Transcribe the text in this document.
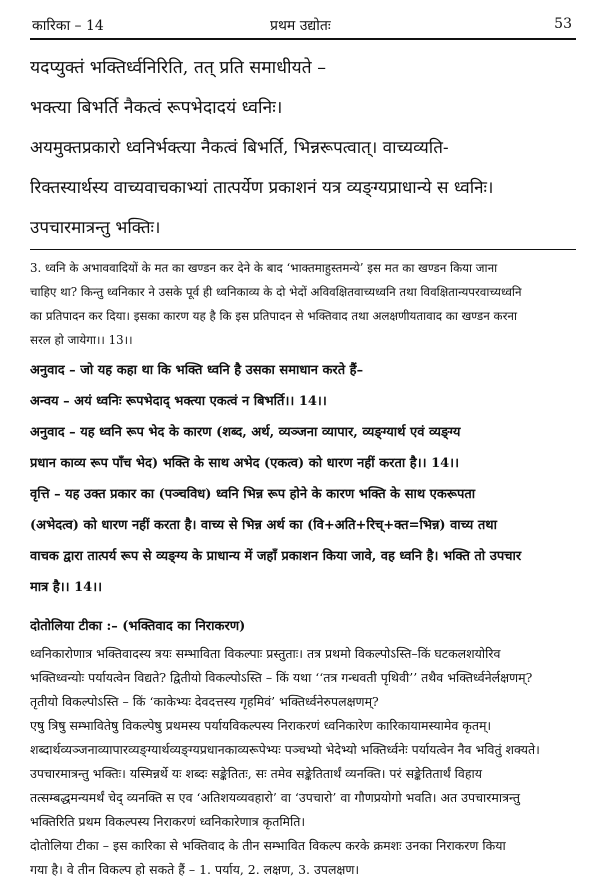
कारिका – 14	प्रथम उद्योतः	53
यदप्युक्तं भक्तिर्ध्वनिरिति, तत् प्रति समाधीयते –
भक्त्या बिभर्ति नैकत्वं रूपभेदादयं ध्वनिः।
अयमुक्तप्रकारो ध्वनिर्भक्त्या नैकत्वं बिभर्ति, भिन्नरूपत्वात्। वाच्यव्यति-
रिक्तस्यार्थस्य वाच्यवाचकाभ्यां तात्पर्येण प्रकाशनं यत्र व्यङ्ग्यप्राधान्ये स ध्वनिः।
उपचारमात्रन्तु भक्तिः।
3. ध्वनि के अभाववादियों के मत का खण्डन कर देने के बाद ‘भाक्तमाहुस्तमन्ये’ इस मत का खण्डन किया जाना
चाहिए था? किन्तु ध्वनिकार ने उसके पूर्व ही ध्वनिकाव्य के दो भेदों अविवक्षितवाच्यध्वनि तथा विवक्षितान्यपरवाच्यध्वनि
का प्रतिपादन कर दिया। इसका कारण यह है कि इस प्रतिपादन से भक्तिवाद तथा अलक्षणीयतावाद का खण्डन करना
सरल हो जायेगा।। 13।।
अनुवाद – जो यह कहा था कि भक्ति ध्वनि है उसका समाधान करते हैं–
अन्वय – अयं ध्वनिः रूपभेदाद् भक्त्या एकत्वं न बिभर्ति।। 14।।
अनुवाद – यह ध्वनि रूप भेद के कारण (शब्द, अर्थ, व्यञ्जना व्यापार, व्यङ्ग्यार्थ एवं व्यङ्ग्य
प्रधान काव्य रूप पाँच भेद) भक्ति के साथ अभेद (एकत्व) को धारण नहीं करता है।। 14।।
वृत्ति – यह उक्त प्रकार का (पञ्चविध) ध्वनि भिन्न रूप होने के कारण भक्ति के साथ एकरूपता
(अभेदत्व) को धारण नहीं करता है। वाच्य से भिन्न अर्थ का (वि+अति+रिच्+क्त=भिन्न) वाच्य तथा
वाचक द्वारा तात्पर्य रूप से व्यङ्ग्य के प्राधान्य में जहाँ प्रकाशन किया जावे, वह ध्वनि है। भक्ति तो उपचार
मात्र है।। 14।।
दोतोलिया टीका :– (भक्तिवाद का निराकरण)
ध्वनिकारोणात्र भक्तिवादस्य त्रयः सम्भाविता विकल्पाः प्रस्तुताः। तत्र प्रथमो विकल्पोऽस्ति–किं घटकलशयोरिव
भक्तिध्वन्योः पर्यायत्वेन विद्यते? द्वितीयो विकल्पोऽस्ति – किं यथा ‘‘तत्र गन्धवती पृथिवी’’ तथैव भक्तिर्ध्वनेर्लक्षणम्?
तृतीयो विकल्पोऽस्ति – किं ‘काकेभ्यः देवदत्तस्य गृहमिवं’ भक्तिर्ध्वनेरुपलक्षणम्?
एषु त्रिषु सम्भावितेषु विकल्पेषु प्रथमस्य पर्यायविकल्पस्य निराकरणं ध्वनिकारेण कारिकायामस्यामेव कृतम्।
शब्दार्थव्यञ्जनाव्यापारव्यङ्ग्यार्थव्यङ्ग्यप्रधानकाव्यरूपेभ्यः पञ्चभ्यो भेदेभ्यो भक्तिर्ध्वनेः पर्यायत्वेन नैव भवितुं शक्यते।
उपचारमात्रन्तु भक्तिः। यस्मिन्नर्थे यः शब्दः सङ्केतितः, सः तमेव सङ्केतितार्थं व्यनक्ति। परं सङ्केतितार्थं विहाय
तत्सम्बद्धमन्यमर्थं चेद् व्यनक्ति स एव ‘अतिशयव्यवहारो’ वा ‘उपचारो’ वा गौणप्रयोगो भवति। अत उपचारमात्रन्तु
भक्तिरिति प्रथम विकल्पस्य निराकरणं ध्वनिकारेणात्र कृतमिति।
दोतोलिया टीका – इस कारिका से भक्तिवाद के तीन सम्भावित विकल्प करके क्रमशः उनका निराकरण किया
गया है। वे तीन विकल्प हो सकते हैं – 1. पर्याय, 2. लक्षण, 3. उपलक्षण।
